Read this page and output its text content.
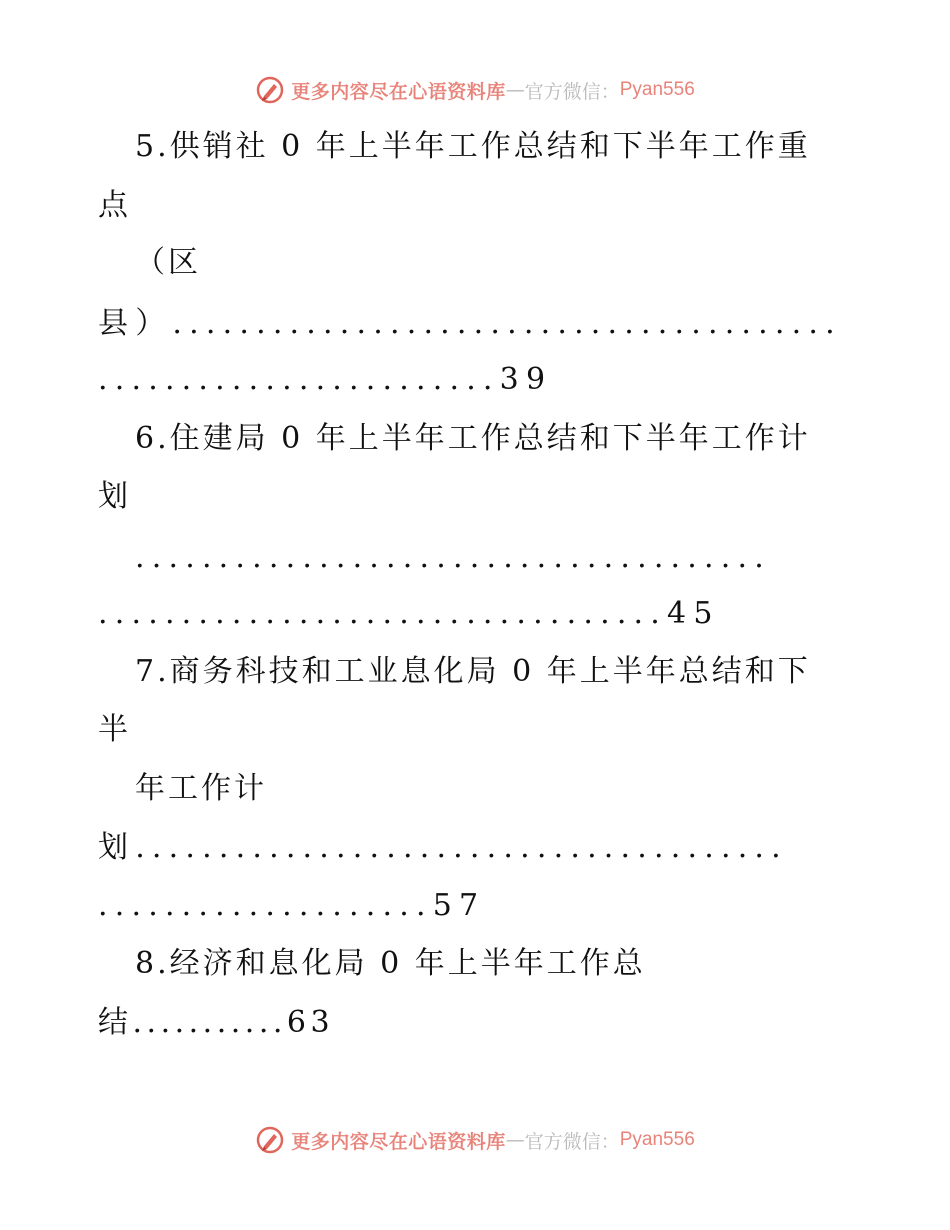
更多内容尽在心语资料库 — 官方微信： Pyan556
5.供销社 0 年上半年工作总结和下半年工作重
点
（区
县）........................................
........................39
6.住建局 0 年上半年工作总结和下半年工作计
划
......................................
..................................45
7.商务科技和工业息化局 0 年上半年总结和下
半
年工作计
划.......................................
....................57
8.经济和息化局 0 年上半年工作总
结...........63
更多内容尽在心语资料库 — 官方微信： Pyan556
